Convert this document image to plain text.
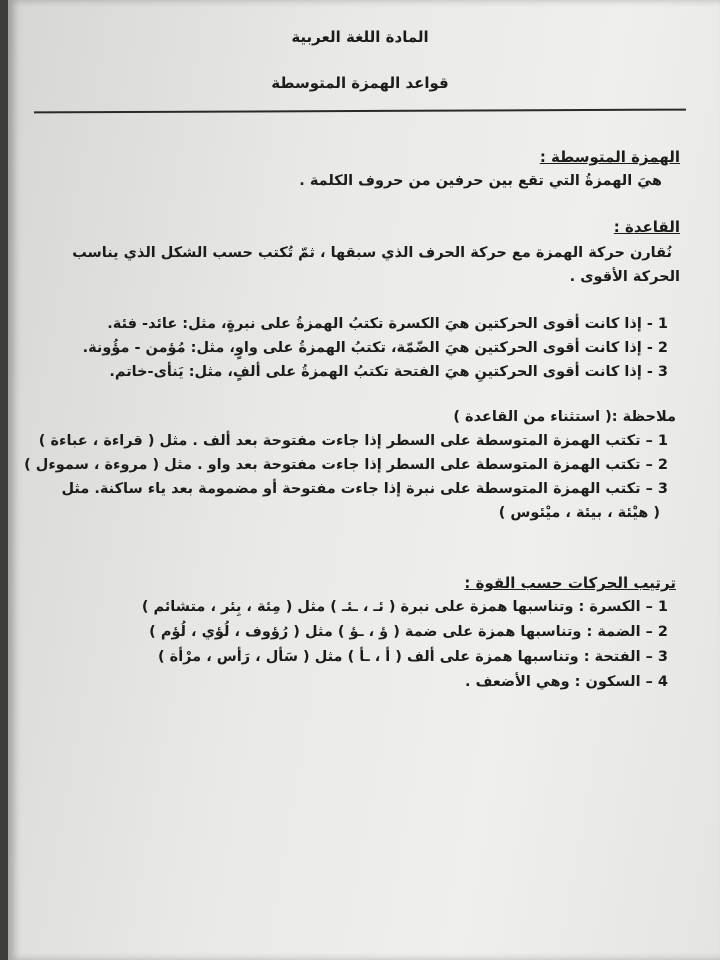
المادة اللغة العربية
قواعد الهمزة المتوسطة
الهمزة المتوسطة :
هيَ الهمزةُ التي تقع بين حرفين من حروف الكلمة .
القاعدة :
نُقارن حركة الهمزة مع حركة الحرف الذي سبقها ، ثمّ تُكتب حسب الشكل الذي يناسب
الحركة الأقوى .
1 - إذا كانت أقوى الحركتين هيَ الكسرة تكتبُ الهمزةُ على نبرةٍ، مثل: عائد- فئة.
2 - إذا كانت أقوى الحركتين هيَ الضّمّة، تكتبُ الهمزةُ على واوٍ، مثل: مُؤمن - مؤُونة.
3 - إذا كانت أقوى الحركتينِ هيَ الفتحة تكتبُ الهمزةُ على ألفٍ، مثل: يَنأى-خاتم.
ملاحظة :( استثناء من القاعدة )
1 – تكتب الهمزة المتوسطة على السطر إذا جاءت مفتوحة بعد ألف . مثل ( قراءة ، عباءة )
2 – تكتب الهمزة المتوسطة على السطر إذا جاءت مفتوحة بعد واو . مثل ( مروءة ، سموءل )
3 – تكتب الهمزة المتوسطة على نبرة إذا جاءت مفتوحة أو مضمومة بعد ياء ساكنة. مثل
( هيْئة ، بيئة ، ميْئوس )
ترتيب الحركات حسب القوة :
1 – الكسرة : وتناسبها همزة على نبرة ( ئـ ، ـئـ ) مثل ( مِئة ، بِئر ، متشائم )
2 – الضمة : وتناسبها همزة على ضمة ( ؤ ، ـؤ ) مثل ( رُؤوف ، لُؤي ، لُؤم )
3 – الفتحة : وتناسبها همزة على ألف ( أ ، ـأ ) مثل ( سَأل ، رَأس ، مرْأة )
4 – السكون : وهي الأضعف .
